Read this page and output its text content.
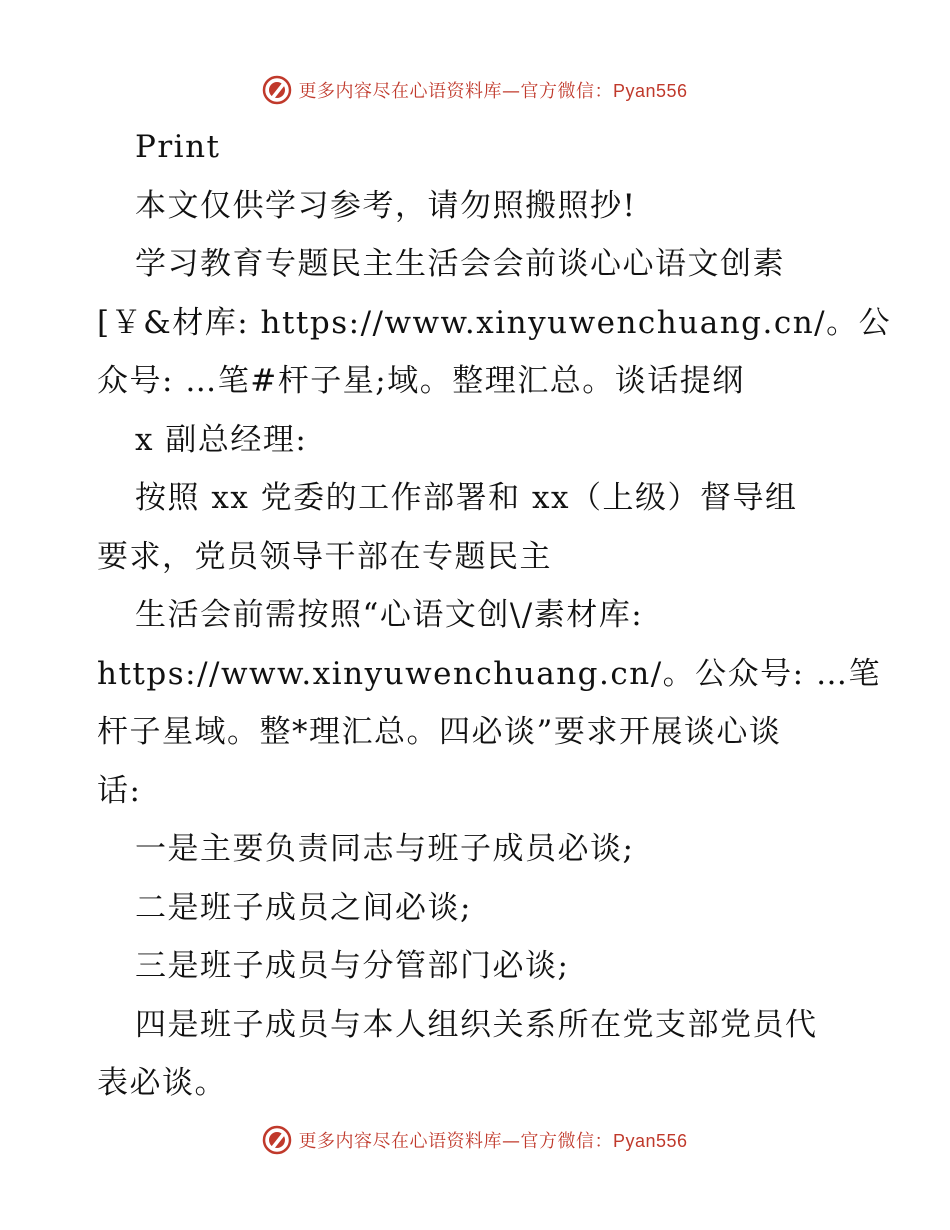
更多内容尽在心语资料库—官方微信：Pyan556
Print
本文仅供学习参考，请勿照搬照抄!
学习教育专题民主生活会会前谈心心语文创素
[￥&材库: https://www.xinyuwenchuang.cn/。公
众号: …笔#杆子星;域。整理汇总。谈话提纲
x 副总经理:
按照 xx 党委的工作部署和 xx（上级）督导组
要求，党员领导干部在专题民主
生活会前需按照“心语文创\/素材库:
https://www.xinyuwenchuang.cn/。公众号: …笔
杆子星域。整*理汇总。四必谈”要求开展谈心谈
话:
一是主要负责同志与班子成员必谈;
二是班子成员之间必谈;
三是班子成员与分管部门必谈;
四是班子成员与本人组织关系所在党支部党员代
表必谈。
更多内容尽在心语资料库—官方微信：Pyan556
